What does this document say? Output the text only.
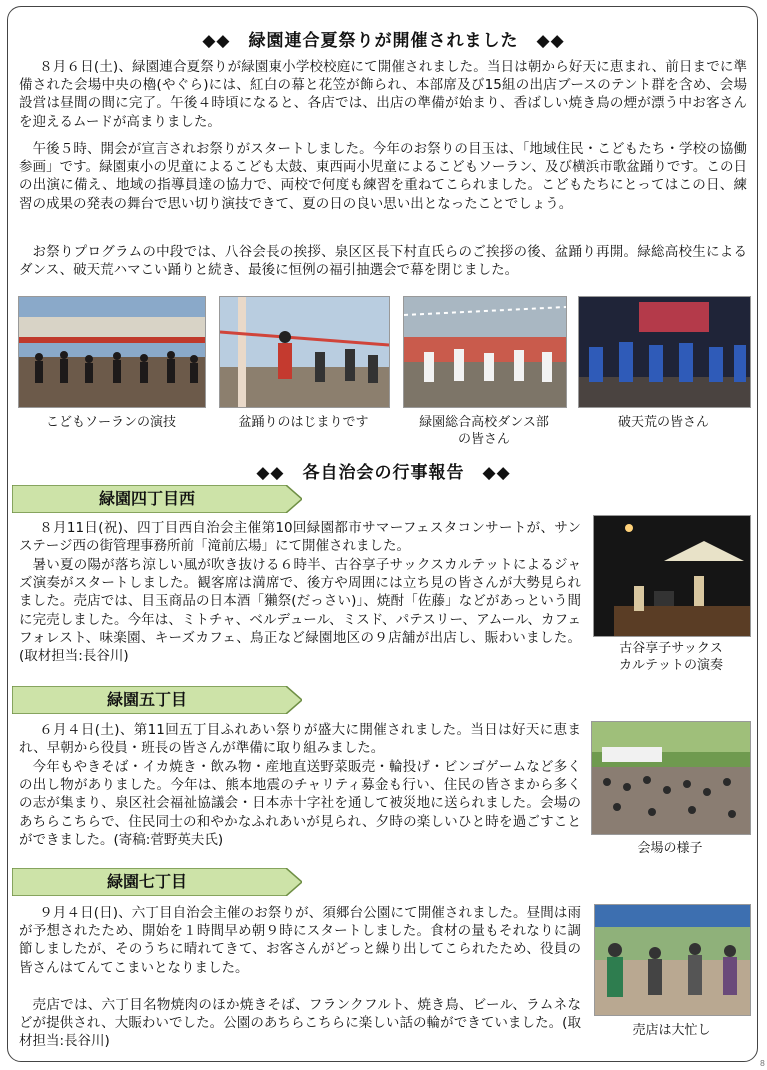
◆◆　緑園連合夏祭りが開催されました　◆◆

８月６日(土)、緑園連合夏祭りが緑園東小学校校庭にて開催されました。当日は朝から好天に恵まれ、前日までに準備された会場中央の櫓(やぐら)には、紅白の幕と花笠が飾られ、本部席及び15組の出店ブースのテント群を含め、会場設営は昼間の間に完了。午後４時頃になると、各店では、出店の準備が始まり、香ばしい焼き鳥の煙が漂う中お客さんを迎えるムードが高まりました。

午後５時、開会が宣言されお祭りがスタートしました。今年のお祭りの目玉は、「地域住民・こどもたち・学校の協働参画」です。緑園東小の児童によるこども太鼓、東西両小児童によるこどもソーラン、及び横浜市歌盆踊りです。この日の出演に備え、地域の指導員達の協力で、両校で何度も練習を重ねてこられました。こどもたちにとってはこの日、練習の成果の発表の舞台で思い切り演技できて、夏の日の良い思い出となったことでしょう。

お祭りプログラムの中段では、八谷会長の挨拶、泉区区長下村直氏らのご挨拶の後、盆踊り再開。緑総高校生によるダンス、破天荒ハマこい踊りと続き、最後に恒例の福引抽選会で幕を閉じました。

こどもソーランの演技	盆踊りのはじまりです	緑園総合高校ダンス部
の皆さん
破天荒の皆さん
◆◆　各自治会の行事報告　◆◆
緑園四丁目西

８月11日(祝)、四丁目西自治会主催第10回緑園都市サマーフェスタコンサートが、サンステージ西の街管理事務所前「滝前広場」にて開催されました。

暑い夏の陽が落ち涼しい風が吹き抜ける６時半、古谷享子サックスカルテットによるジャズ演奏がスタートしました。観客席は満席で、後方や周囲には立ち見の皆さんが大勢見られました。売店では、目玉商品の日本酒「獺祭(だっさい)」、焼酎「佐藤」などがあっという間に完売しました。今年は、ミトチャ、ベルデュール、ミスド、パテスリー、アムール、カフェフォレスト、味楽園、キーズカフェ、鳥正など緑園地区の９店舗が出店し、賑わいました。(取材担当:長谷川)	古谷享子サックス
カルテットの演奏
緑園五丁目

６月４日(土)、第11回五丁目ふれあい祭りが盛大に開催されました。当日は好天に恵まれ、早朝から役員・班長の皆さんが準備に取り組みました。

今年もやきそば・イカ焼き・飲み物・産地直送野菜販売・輪投げ・ビンゴゲームなど多くの出し物がありました。今年は、熊本地震のチャリティ募金も行い、住民の皆さまから多くの志が集まり、泉区社会福祉協議会・日本赤十字社を通して被災地に送られました。会場のあちらこちらで、住民同士の和やかなふれあいが見られ、夕時の楽しいひと時を過ごすことができました。(寄稿:菅野英夫氏)

会場の様子
緑園七丁目

９月４日(日)、六丁目自治会主催のお祭りが、須郷台公園にて開催されました。昼間は雨が予想されたため、開始を１時間早め朝９時にスタートしました。食材の量もそれなりに調節しましたが、そのうちに晴れてきて、お客さんがどっと繰り出してこられたため、役員の皆さんはてんてこまいとなりました。

売店では、六丁目名物焼肉のほか焼きそば、フランクフルト、焼き鳥、ビール、ラムネなどが提供され、大賑わいでした。公園のあちらこちらに楽しい話の輪ができていました。(取材担当:長谷川)

売店は大忙し
8
